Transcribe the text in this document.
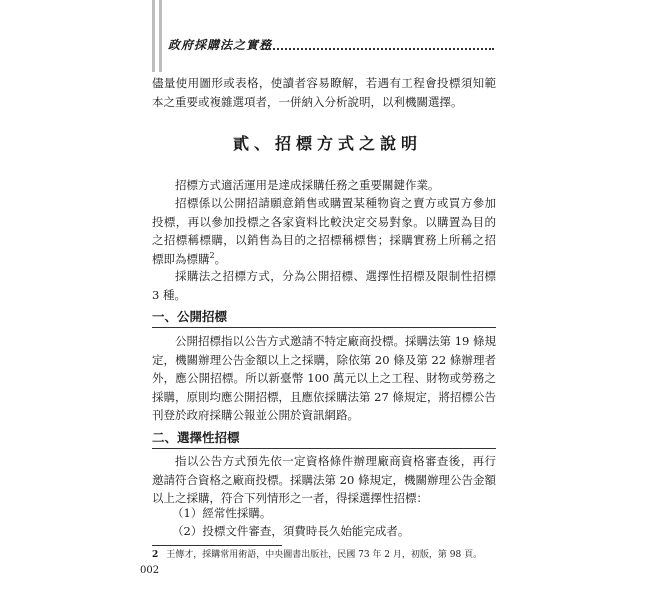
政府採購法之實務

儘量使用圖形或表格，使讀者容易瞭解，若遇有工程會投標須知範本之重要或複雜選項者，一併納入分析說明，以利機關選擇。

貳、招標方式之說明

招標方式適活運用是達成採購任務之重要關鍵作業。

招標係以公開招請願意銷售或購置某種物資之賣方或買方參加投標，再以參加投標之各家資料比較決定交易對象。以購置為目的之招標稱標購，以銷售為目的之招標稱標售；採購實務上所稱之招標即為標購$^2$。

採購法之招標方式，分為公開招標、選擇性招標及限制性招標 3 種。

一、公開招標

公開招標指以公告方式邀請不特定廠商投標。採購法第 19 條規定，機關辦理公告金額以上之採購，除依第 20 條及第 22 條辦理者外，應公開招標。所以新臺幣 100 萬元以上之工程、財物或勞務之採購，原則均應公開招標，且應依採購法第 27 條規定，將招標公告刊登於政府採購公報並公開於資訊網路。

二、選擇性招標

指以公告方式預先依一定資格條件辦理廠商資格審查後，再行邀請符合資格之廠商投標。採購法第 20 條規定，機關辦理公告金額以上之採購，符合下列情形之一者，得採選擇性招標：

（1）經常性採購。
（2）投標文件審查，須費時長久始能完成者。
2 王傳才，採購常用術語，中央圖書出版社，民國 73 年 2 月，初版，第 98 頁。
002
